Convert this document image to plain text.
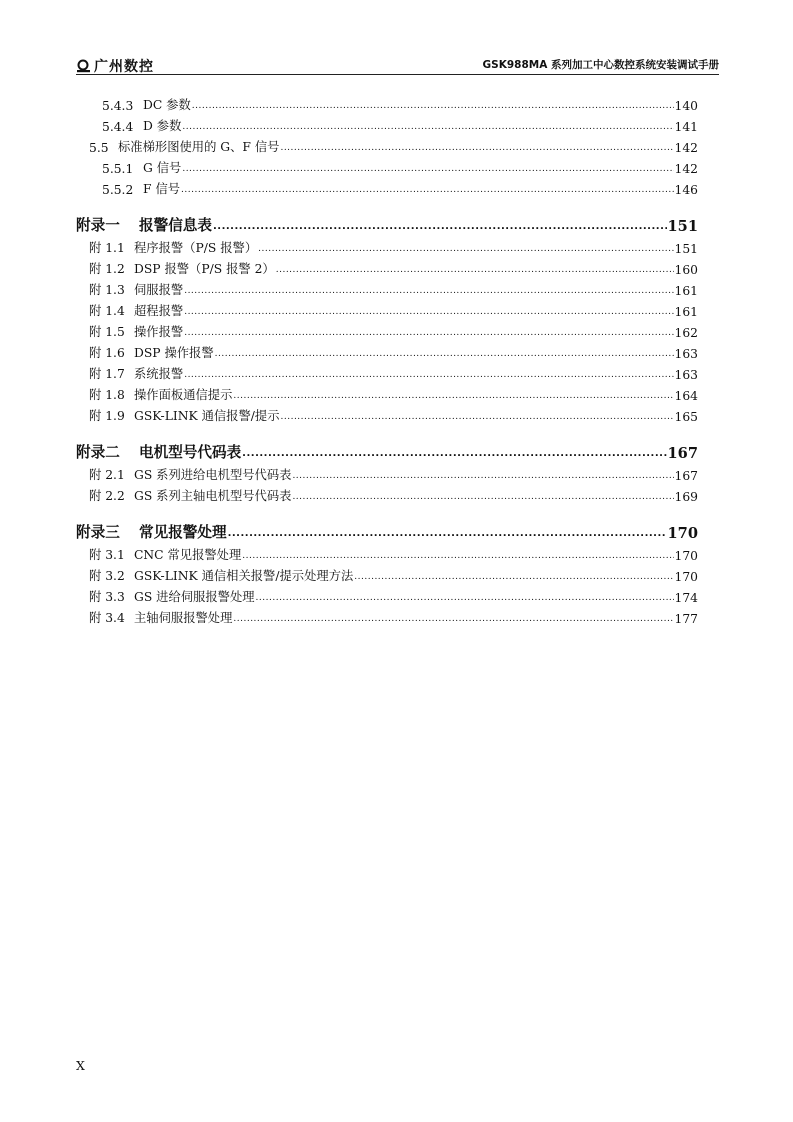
广州数控	GSK988MA 系列加工中心数控系统安装调试手册
5.4.3 DC 参数 .....	140
5.4.4 D 参数 .....	141
5.5 标准梯形图使用的 G、F 信号 .....	142
5.5.1 G 信号 .....	142
5.5.2 F 信号 .....	146
附录一	报警信息表 .....	151
附 1.1 程序报警（P/S 报警） .....	151
附 1.2 DSP 报警（P/S 报警 2） .....	160
附 1.3 伺服报警 .....	161
附 1.4 超程报警 .....	161
附 1.5 操作报警 .....	162
附 1.6 DSP 操作报警 .....	163
附 1.7 系统报警 .....	163
附 1.8 操作面板通信提示 .....	164
附 1.9 GSK-LINK 通信报警/提示 .....	165
附录二	电机型号代码表 .....	167
附 2.1 GS 系列进给电机型号代码表 .....	167
附 2.2 GS 系列主轴电机型号代码表 .....	169
附录三	常见报警处理 .....	170
附 3.1 CNC 常见报警处理 .....	170
附 3.2 GSK-LINK 通信相关报警/提示处理方法 .....	170
附 3.3 GS 进给伺服报警处理 .....	174
附 3.4 主轴伺服报警处理 .....	177
X
